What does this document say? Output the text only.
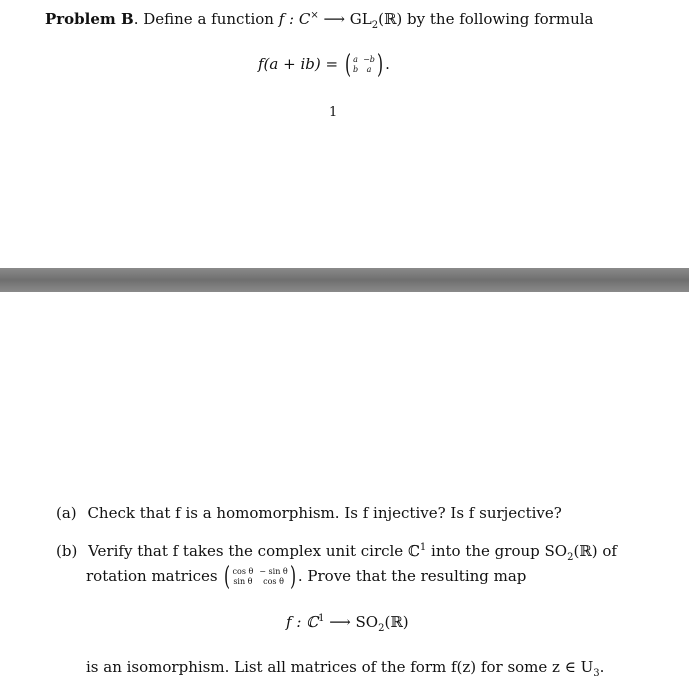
Problem B. Define a function f : C× ⟶ $GL_2(ℝ)$ by the following formula
f(a + ib) = ( a −b
b	a ) .
1
(a) Check that f is a homomorphism. Is f injective? Is f surjective?
(b) Verify that f takes the complex unit circle ℂ$^1$ into the group $SO_2(ℝ)$ of
rotation matrices ( cos θ − sin θ
sin θ	cos θ ) . Prove that the resulting map
f : ℂ$^1$ ⟶ $SO_2(ℝ)$
is an isomorphism. List all matrices of the form f(z) for some z ∈ $U_3$.
